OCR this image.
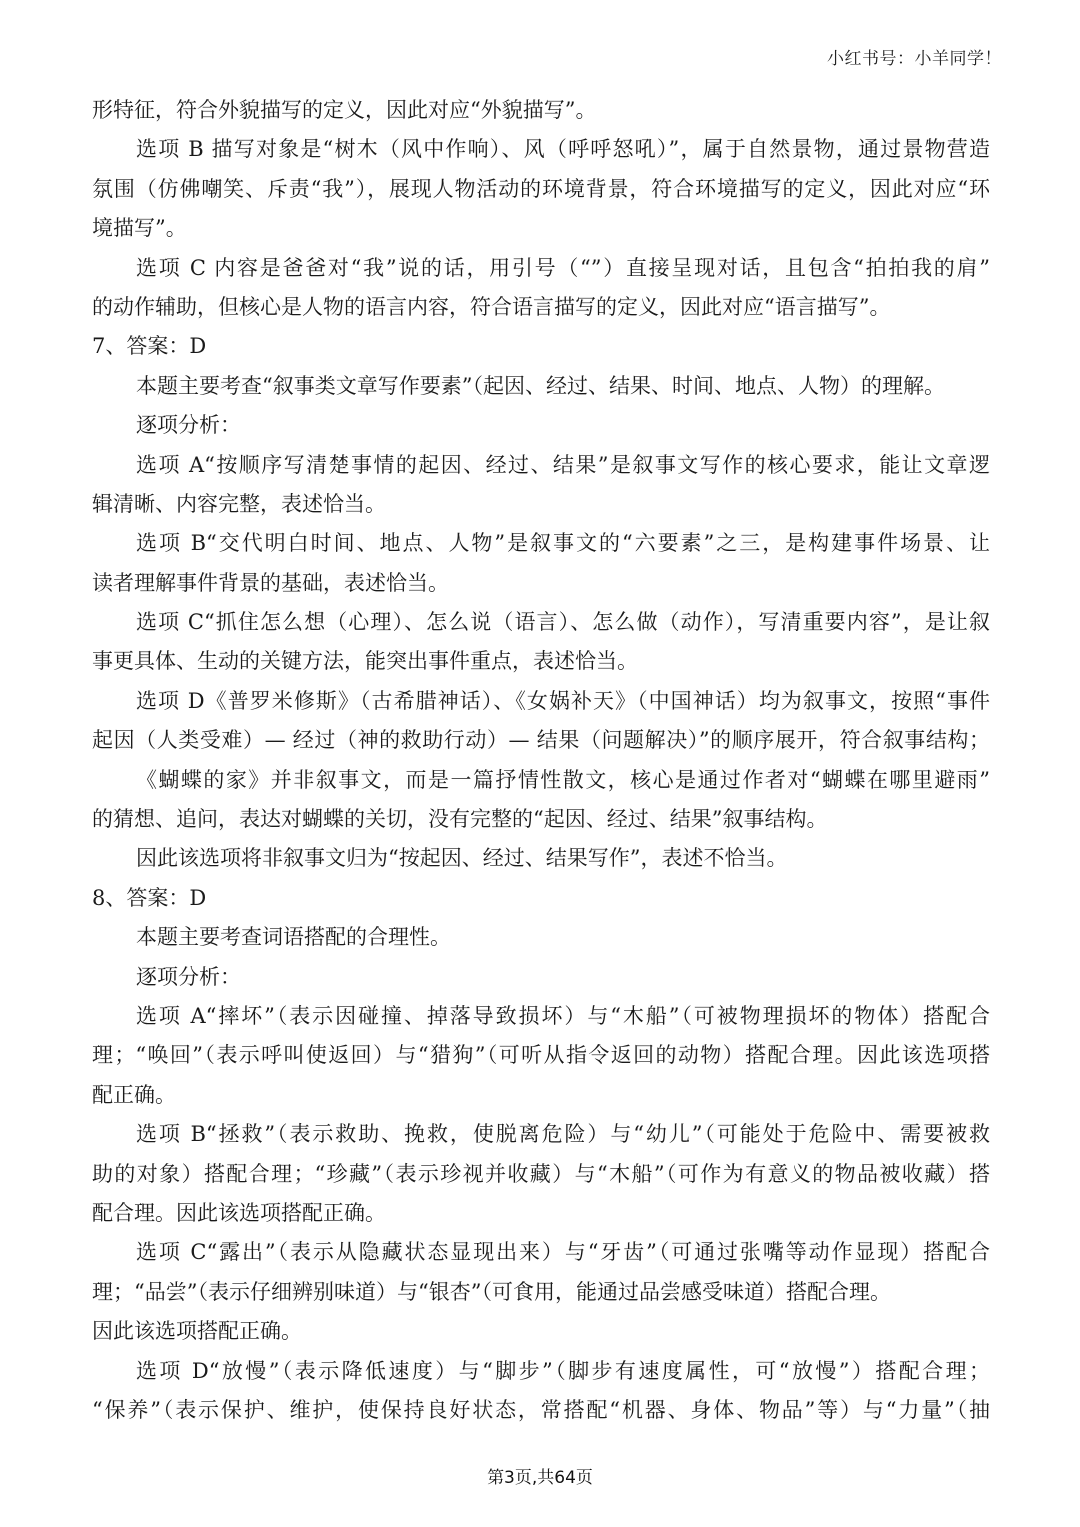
小红书号：小羊同学！
形特征，符合外貌描写的定义，因此对应“外貌描写”。
选项 B 描写对象是“树木（风中作响）、风（呼呼怒吼）”，属于自然景物，通过景物营造
氛围（仿佛嘲笑、斥责“我”），展现人物活动的环境背景，符合环境描写的定义，因此对应“环
境描写”。
选项 C 内容是爸爸对“我”说的话，用引号（“”）直接呈现对话，且包含“拍拍我的肩”
的动作辅助，但核心是人物的语言内容，符合语言描写的定义，因此对应“语言描写”。
7、答案：D
本题主要考查“叙事类文章写作要素”（起因、经过、结果、时间、地点、人物）的理解。
逐项分析：
选项 A“按顺序写清楚事情的起因、经过、结果”是叙事文写作的核心要求，能让文章逻
辑清晰、内容完整，表述恰当。
选项 B“交代明白时间、地点、人物”是叙事文的“六要素”之三，是构建事件场景、让
读者理解事件背景的基础，表述恰当。
选项 C“抓住怎么想（心理）、怎么说（语言）、怎么做（动作），写清重要内容”，是让叙
事更具体、生动的关键方法，能突出事件重点，表述恰当。
选项 D《普罗米修斯》（古希腊神话）、《女娲补天》（中国神话）均为叙事文，按照“事件
起因（人类受难）— 经过（神的救助行动）— 结果（问题解决）”的顺序展开，符合叙事结构；
《蝴蝶的家》并非叙事文，而是一篇抒情性散文，核心是通过作者对“蝴蝶在哪里避雨”
的猜想、追问，表达对蝴蝶的关切，没有完整的“起因、经过、结果”叙事结构。
因此该选项将非叙事文归为“按起因、经过、结果写作”，表述不恰当。
8、答案：D
本题主要考查词语搭配的合理性。
逐项分析：
选项 A“摔坏”（表示因碰撞、掉落导致损坏）与“木船”（可被物理损坏的物体）搭配合
理；“唤回”（表示呼叫使返回）与“猎狗”（可听从指令返回的动物）搭配合理。因此该选项搭
配正确。
选项 B“拯救”（表示救助、挽救，使脱离危险）与“幼儿”（可能处于危险中、需要被救
助的对象）搭配合理；“珍藏”（表示珍视并收藏）与“木船”（可作为有意义的物品被收藏）搭
配合理。因此该选项搭配正确。
选项 C“露出”（表示从隐藏状态显现出来）与“牙齿”（可通过张嘴等动作显现）搭配合
理；“品尝”（表示仔细辨别味道）与“银杏”（可食用，能通过品尝感受味道）搭配合理。
因此该选项搭配正确。
选项 D“放慢”（表示降低速度）与“脚步”（脚步有速度属性，可“放慢”）搭配合理；
“保养”（表示保护、维护，使保持良好状态，常搭配“机器、身体、物品”等）与“力量”（抽
第3页,共64页
